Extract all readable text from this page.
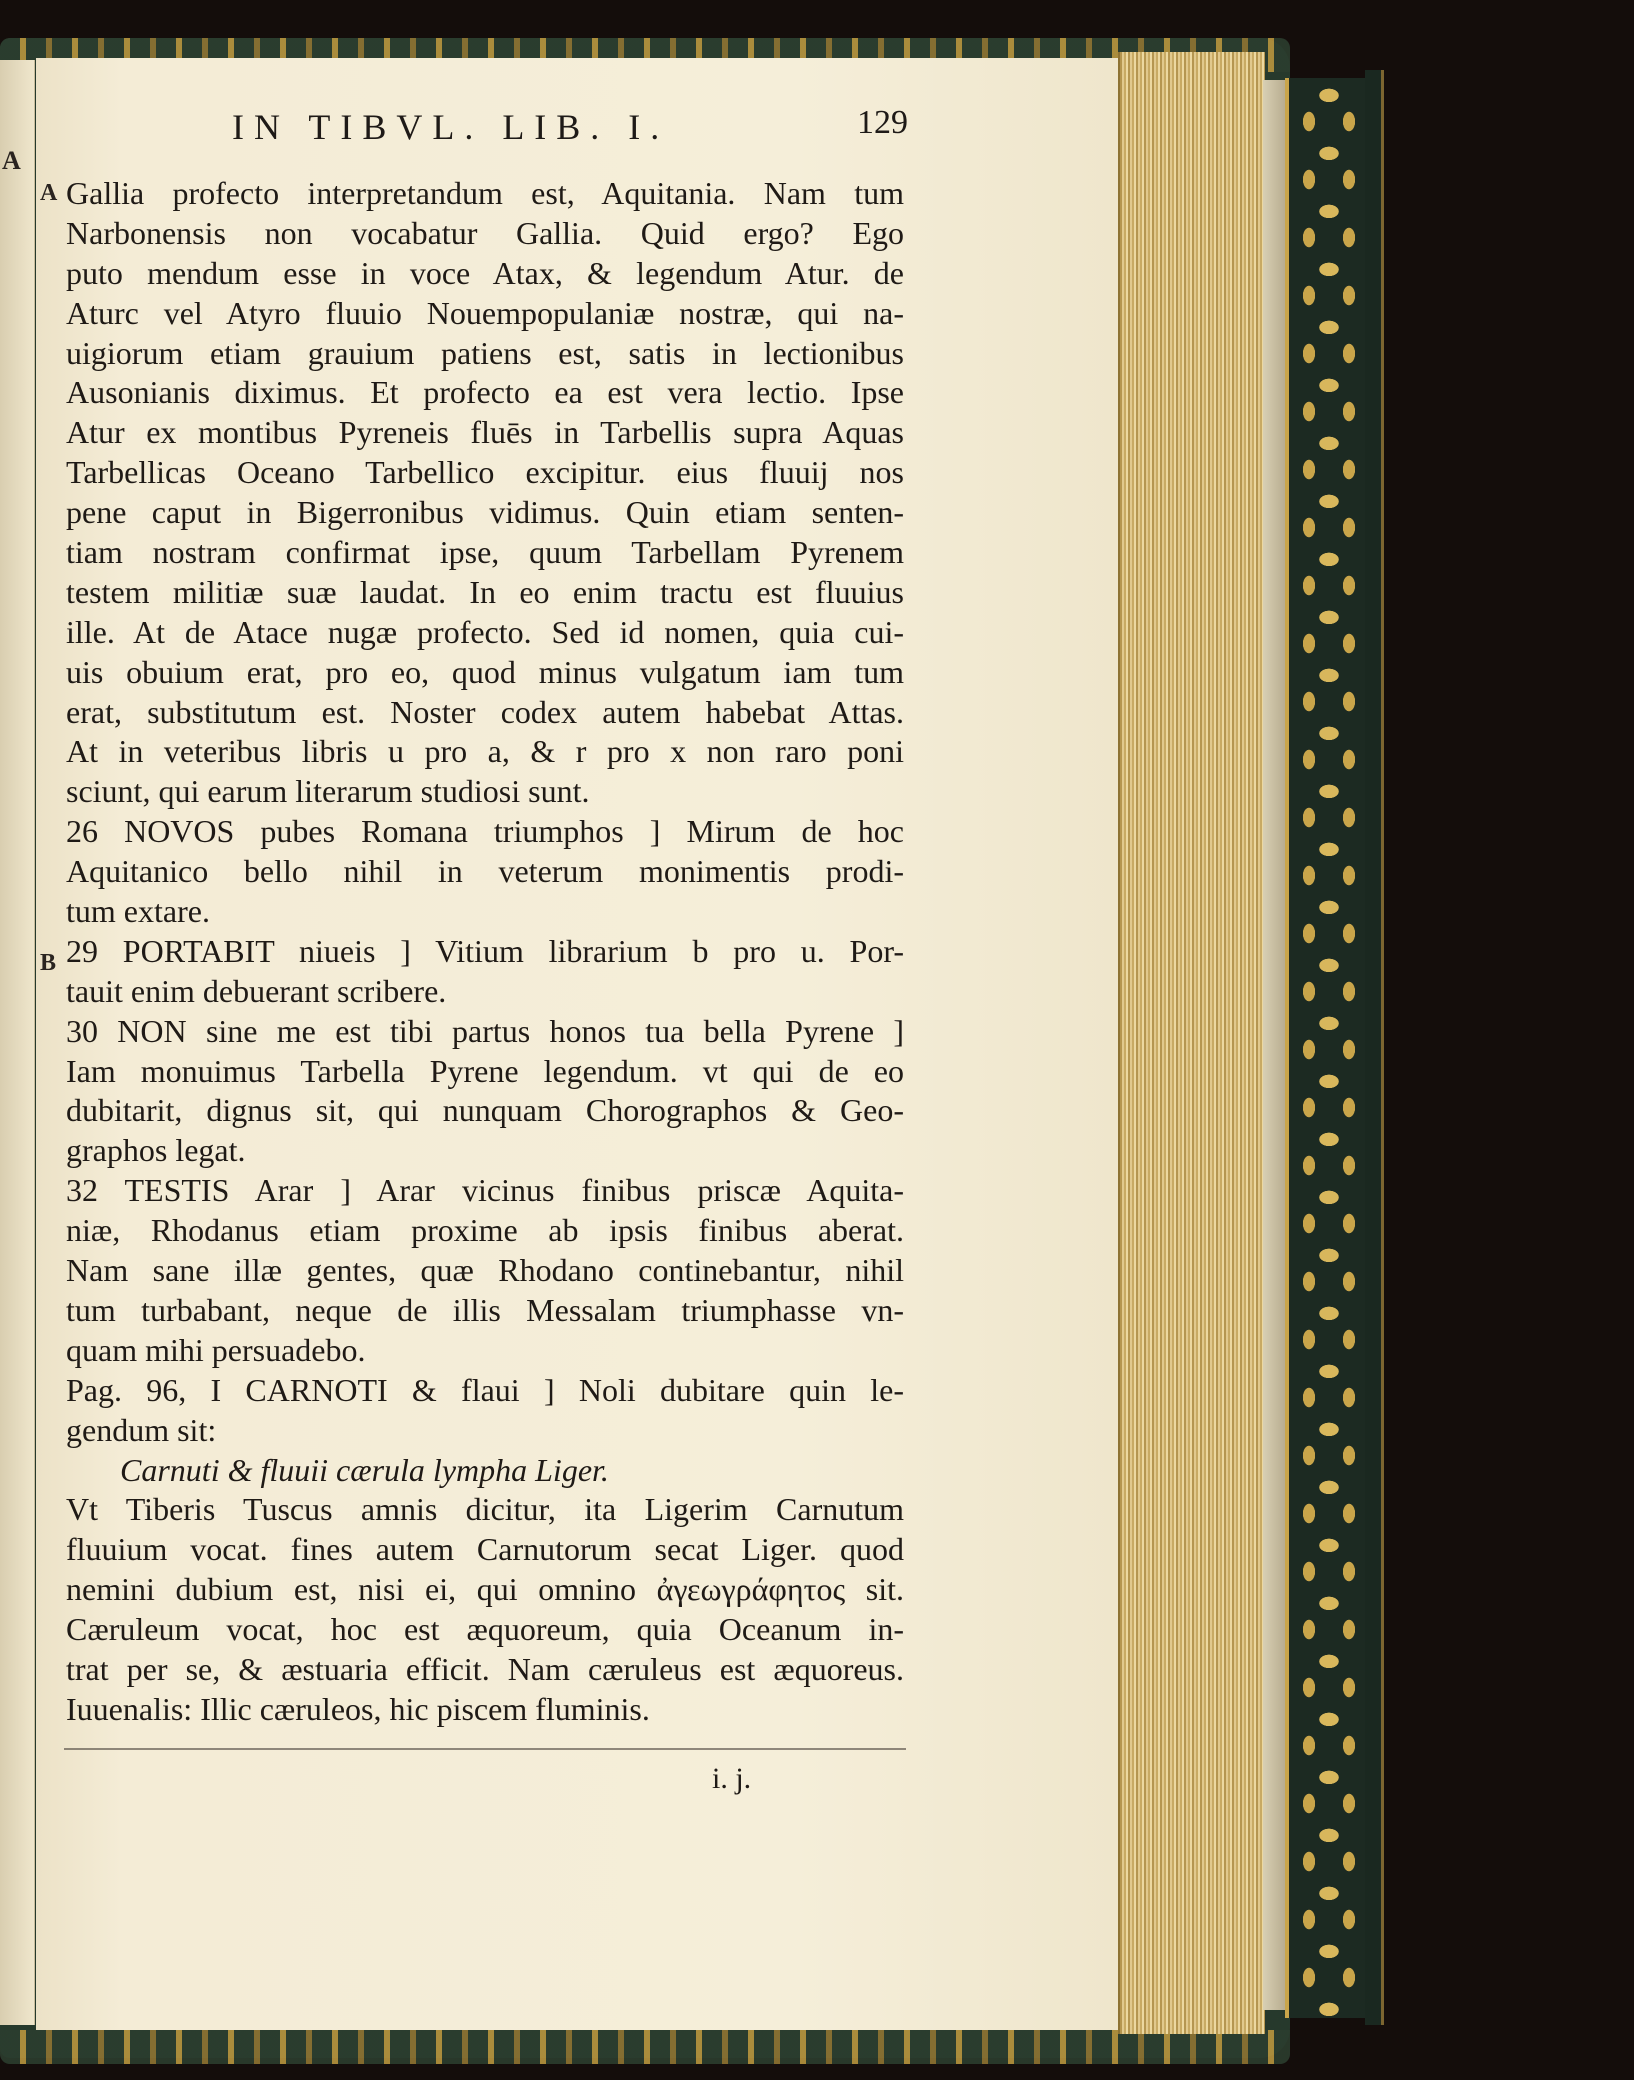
A
IN TIBVL. LIB. I.	129
A
B
Gallia profecto interpretandum est, Aquitania. Nam tum
Narbonensis non vocabatur Gallia. Quid ergo? Ego
puto mendum esse in voce Atax, & legendum Atur. de
Aturc vel Atyro fluuio Nouempopulaniæ nostræ, qui na-
uigiorum etiam grauium patiens est, satis in lectionibus
Ausonianis diximus. Et profecto ea est vera lectio. Ipse
Atur ex montibus Pyreneis fluēs in Tarbellis supra Aquas
Tarbellicas Oceano Tarbellico excipitur. eius fluuij nos
pene caput in Bigerronibus vidimus. Quin etiam senten-
tiam nostram confirmat ipse, quum Tarbellam Pyrenem
testem militiæ suæ laudat. In eo enim tractu est fluuius
ille. At de Atace nugæ profecto. Sed id nomen, quia cui-
uis obuium erat, pro eo, quod minus vulgatum iam tum
erat, substitutum est. Noster codex autem habebat Attas.
At in veteribus libris u pro a, & r pro x non raro poni
sciunt, qui earum literarum studiosi sunt.
26 NOVOS pubes Romana triumphos ] Mirum de hoc
Aquitanico bello nihil in veterum monimentis prodi-
tum extare.
29 PORTABIT niueis ] Vitium librarium b pro u. Por-
tauit enim debuerant scribere.
30 NON sine me est tibi partus honos tua bella Pyrene ]
Iam monuimus Tarbella Pyrene legendum. vt qui de eo
dubitarit, dignus sit, qui nunquam Chorographos & Geo-
graphos legat.
32 TESTIS Arar ] Arar vicinus finibus priscæ Aquita-
niæ, Rhodanus etiam proxime ab ipsis finibus aberat.
Nam sane illæ gentes, quæ Rhodano continebantur, nihil
tum turbabant, neque de illis Messalam triumphasse vn-
quam mihi persuadebo.
Pag. 96, I CARNOTI & flaui ] Noli dubitare quin le-
gendum sit:
Carnuti & fluuii cærula lympha Liger.
Vt Tiberis Tuscus amnis dicitur, ita Ligerim Carnutum
fluuium vocat. fines autem Carnutorum secat Liger. quod
nemini dubium est, nisi ei, qui omnino ἀγεωγράφητος sit.
Cæruleum vocat, hoc est æquoreum, quia Oceanum in-
trat per se, & æstuaria efficit. Nam cæruleus est æquoreus.
Iuuenalis: Illic cæruleos, hic piscem fluminis.
i. j.
